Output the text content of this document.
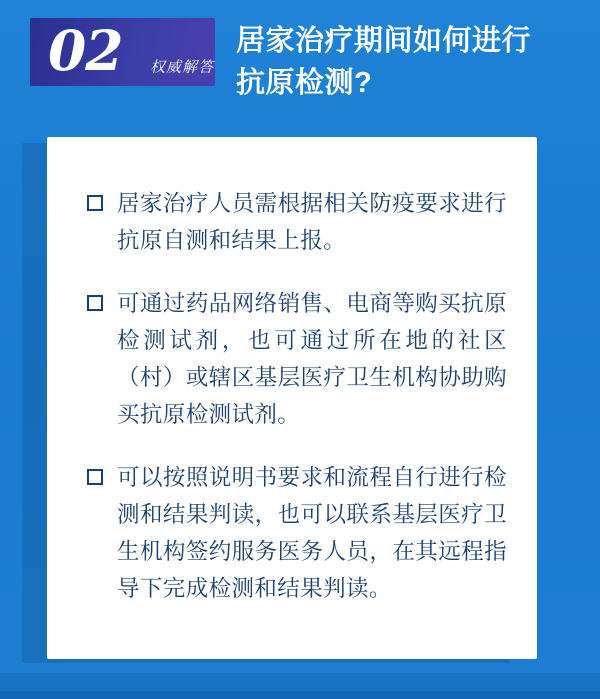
02 权威解答
居家治疗期间如何进行
抗原检测?
居家治疗人员需根据相关防疫要求进行抗原自测和结果上报。
可通过药品网络销售、电商等购买抗原检测试剂，也可通过所在地的社区（村）或辖区基层医疗卫生机构协助购买抗原检测试剂。
可以按照说明书要求和流程自行进行检测和结果判读，也可以联系基层医疗卫生机构签约服务医务人员，在其远程指导下完成检测和结果判读。
